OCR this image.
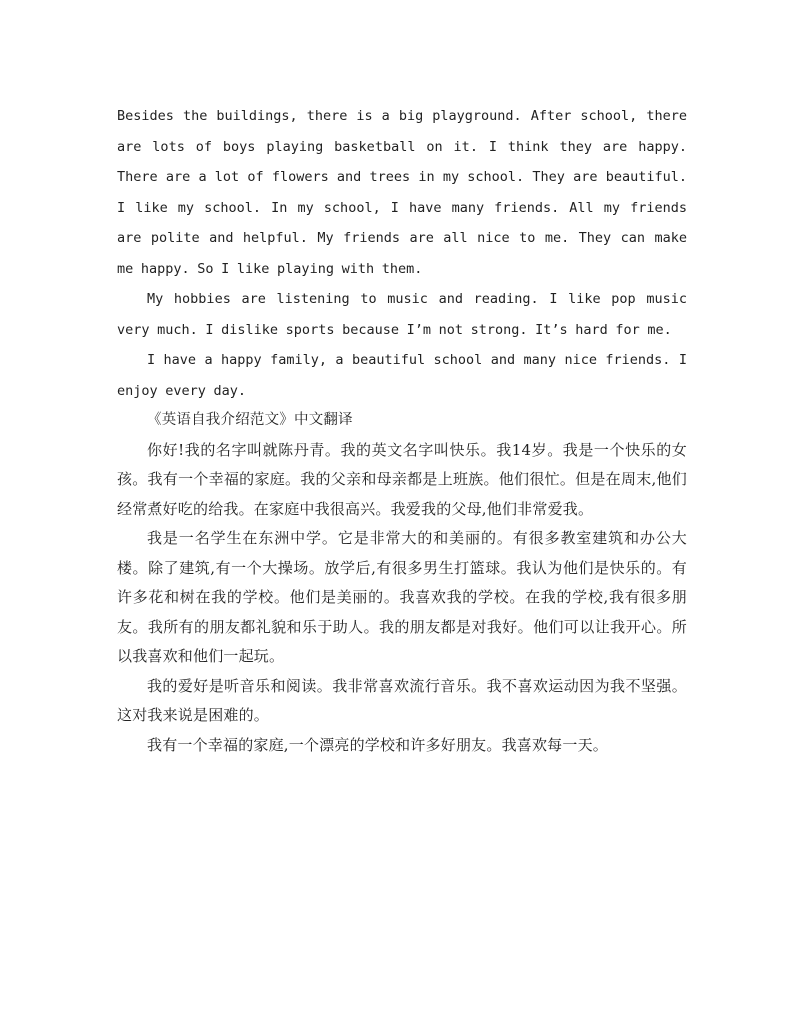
Besides the buildings, there is a big playground. After school, there are lots of boys playing basketball on it. I think they are happy. There are a lot of flowers and trees in my school. They are beautiful. I like my school. In my school, I have many friends. All my friends are polite and helpful. My friends are all nice to me. They can make me happy. So I like playing with them.

My hobbies are listening to music and reading. I like pop music very much. I dislike sports because I’m not strong. It’s hard for me.

I have a happy family, a beautiful school and many nice friends. I enjoy every day.

《英语自我介绍范文》中文翻译

你好!我的名字叫就陈丹青。我的英文名字叫快乐。我14岁。我是一个快乐的女孩。我有一个幸福的家庭。我的父亲和母亲都是上班族。他们很忙。但是在周末,他们经常煮好吃的给我。在家庭中我很高兴。我爱我的父母,他们非常爱我。

我是一名学生在东洲中学。它是非常大的和美丽的。有很多教室建筑和办公大楼。除了建筑,有一个大操场。放学后,有很多男生打篮球。我认为他们是快乐的。有许多花和树在我的学校。他们是美丽的。我喜欢我的学校。在我的学校,我有很多朋友。我所有的朋友都礼貌和乐于助人。我的朋友都是对我好。他们可以让我开心。所以我喜欢和他们一起玩。

我的爱好是听音乐和阅读。我非常喜欢流行音乐。我不喜欢运动因为我不坚强。这对我来说是困难的。

我有一个幸福的家庭,一个漂亮的学校和许多好朋友。我喜欢每一天。
